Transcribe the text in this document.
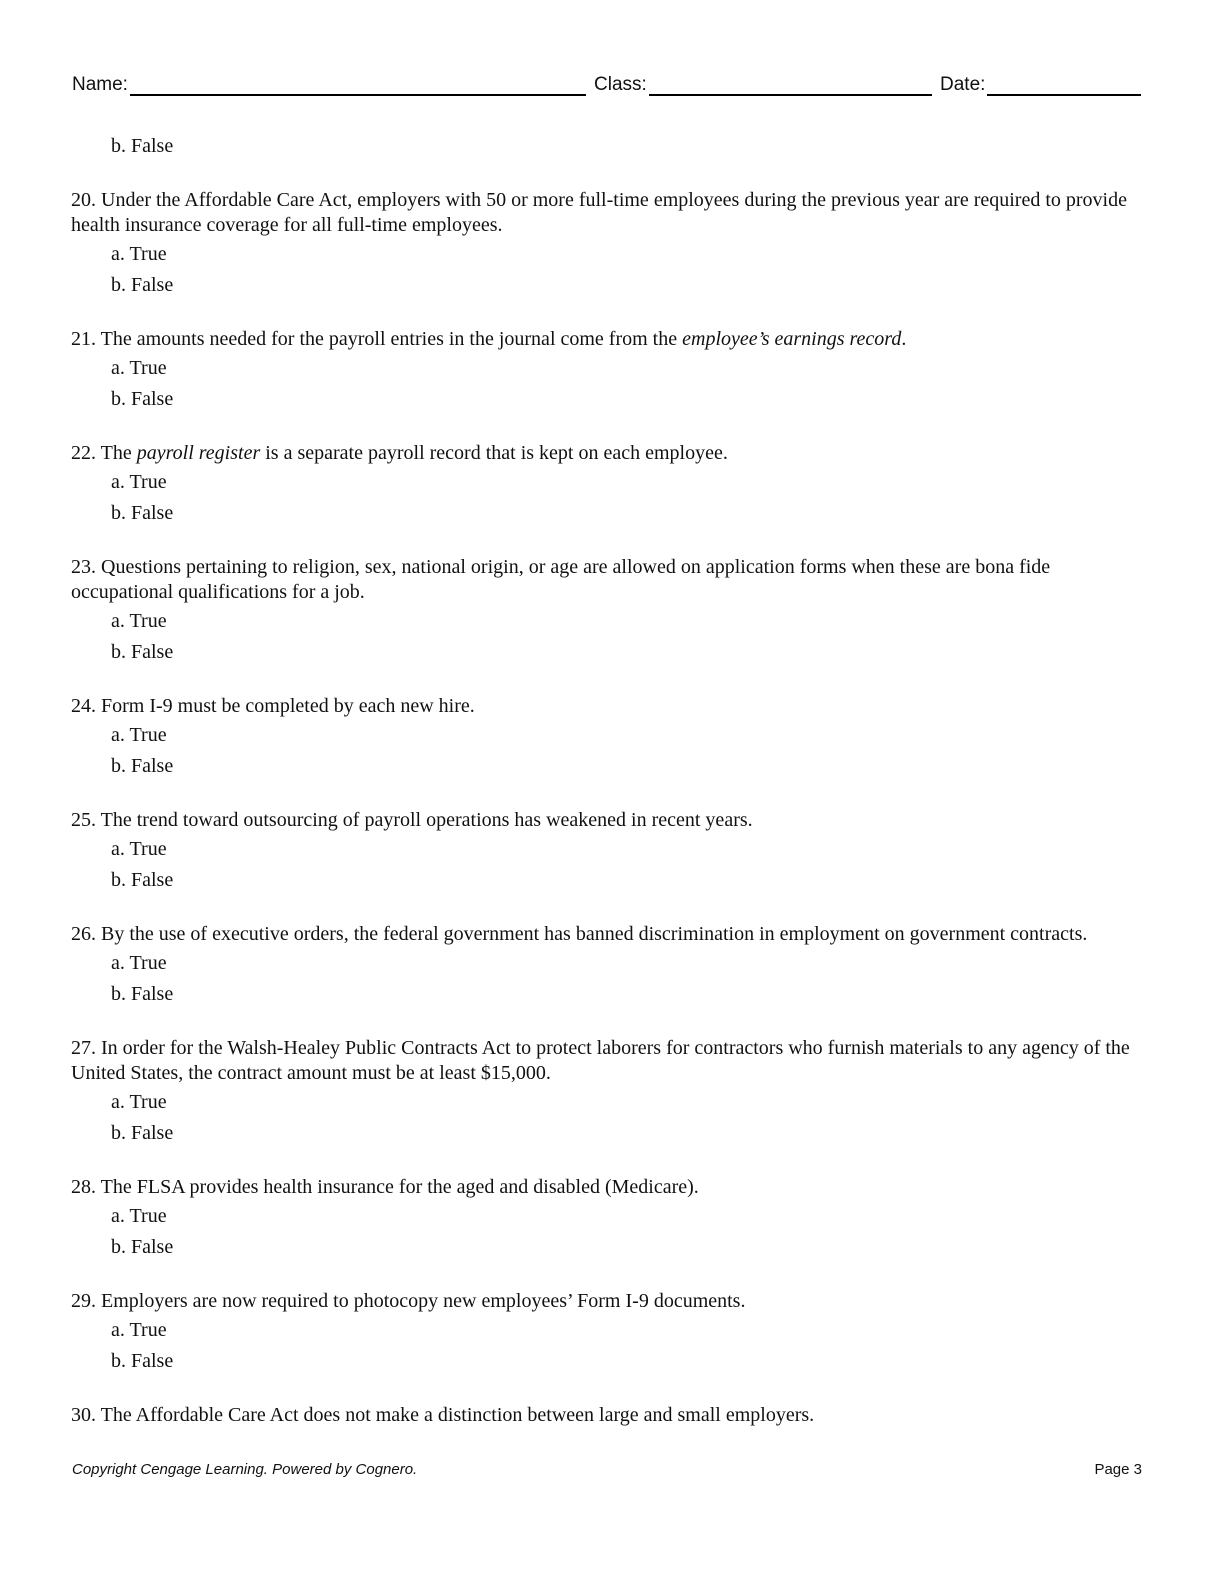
Name:	Class:	Date:
b. False

20. Under the Affordable Care Act, employers with 50 or more full-time employees during the previous year are required to provide health insurance coverage for all full-time employees.

a. True
b. False

21. The amounts needed for the payroll entries in the journal come from the employee’s earnings record.

a. True
b. False

22. The payroll register is a separate payroll record that is kept on each employee.

a. True
b. False

23. Questions pertaining to religion, sex, national origin, or age are allowed on application forms when these are bona fide occupational qualifications for a job.

a. True
b. False

24. Form I-9 must be completed by each new hire.

a. True
b. False

25. The trend toward outsourcing of payroll operations has weakened in recent years.

a. True
b. False

26. By the use of executive orders, the federal government has banned discrimination in employment on government contracts.

a. True
b. False

27. In order for the Walsh-Healey Public Contracts Act to protect laborers for contractors who furnish materials to any agency of the United States, the contract amount must be at least $15,000.

a. True
b. False

28. The FLSA provides health insurance for the aged and disabled (Medicare).

a. True
b. False

29. Employers are now required to photocopy new employees’ Form I-9 documents.

a. True
b. False

30. The Affordable Care Act does not make a distinction between large and small employers.

Copyright Cengage Learning. Powered by Cognero.	Page 3
